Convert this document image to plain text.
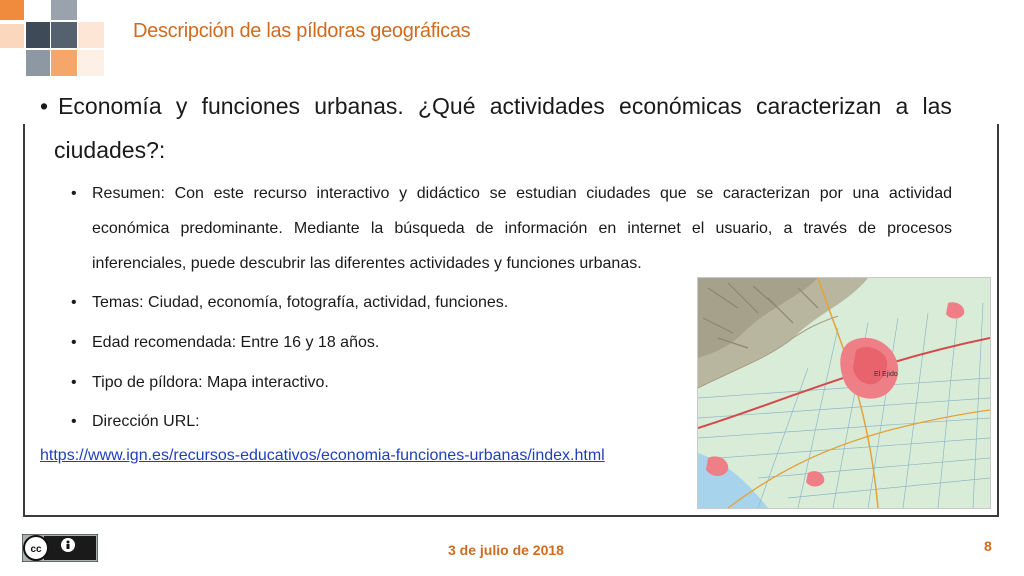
Descripción de las píldoras geográficas
• Economía y funciones urbanas. ¿Qué actividades económicas caracterizan a las
ciudades?:
• Resumen: Con este recurso interactivo y didáctico se estudian ciudades que se caracterizan por una actividad
económica predominante. Mediante la búsqueda de información en internet el usuario, a través de procesos
inferenciales, puede descubrir las diferentes actividades y funciones urbanas.
• Temas: Ciudad, economía, fotografía, actividad, funciones.
• Edad recomendada: Entre 16 y 18 años.
• Tipo de píldora: Mapa interactivo.
• Dirección URL:
https://www.ign.es/recursos-educativos/economia-funciones-urbanas/index.html
El Ejido
cc	3 de julio de 2018	8
